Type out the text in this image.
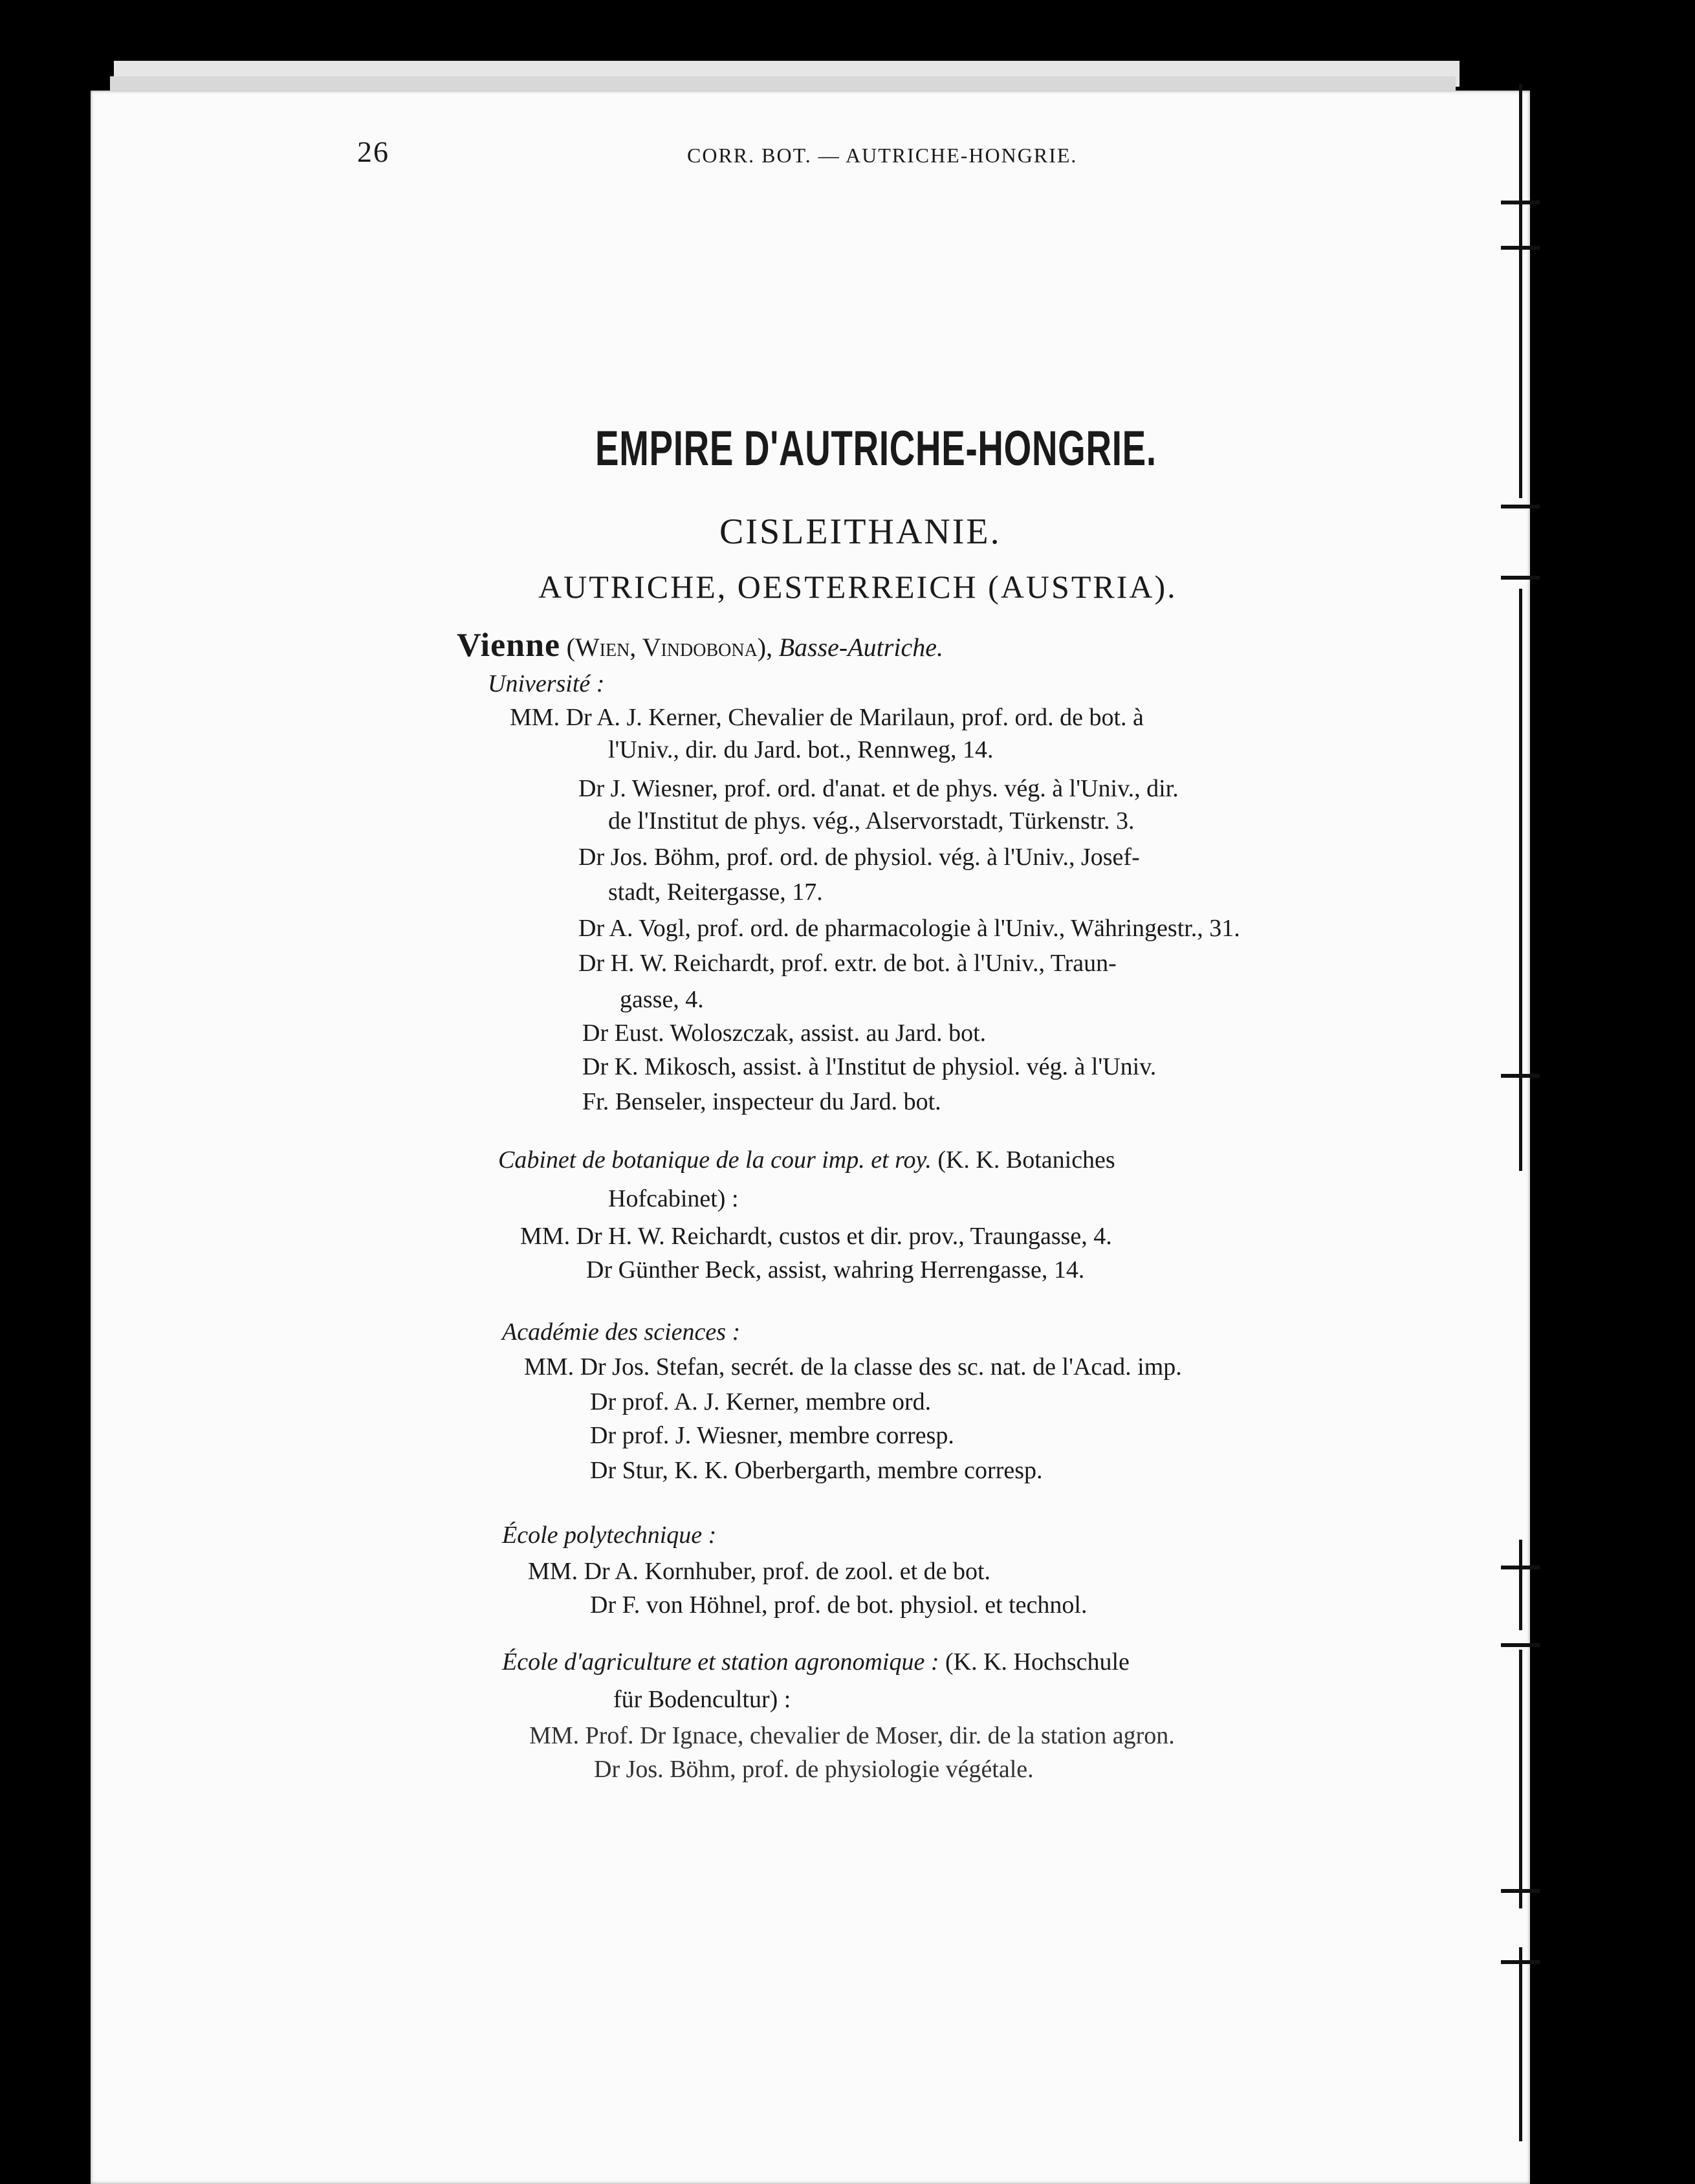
26	CORR. BOT. — AUTRICHE-HONGRIE.
EMPIRE D'AUTRICHE-HONGRIE.
CISLEITHANIE.
AUTRICHE, OESTERREICH (AUSTRIA).
Vienne (Wien, Vindobona), Basse-Autriche.
Université :
MM. Dr A. J. Kerner, Chevalier de Marilaun, prof. ord. de bot. à
l'Univ., dir. du Jard. bot., Rennweg, 14.
Dr J. Wiesner, prof. ord. d'anat. et de phys. vég. à l'Univ., dir.
de l'Institut de phys. vég., Alservorstadt, Türkenstr. 3.
Dr Jos. Böhm, prof. ord. de physiol. vég. à l'Univ., Josef-
stadt, Reitergasse, 17.
Dr A. Vogl, prof. ord. de pharmacologie à l'Univ., Währingestr., 31.
Dr H. W. Reichardt, prof. extr. de bot. à l'Univ., Traun-
gasse, 4.
Dr Eust. Woloszczak, assist. au Jard. bot.
Dr K. Mikosch, assist. à l'Institut de physiol. vég. à l'Univ.
Fr. Benseler, inspecteur du Jard. bot.
Cabinet de botanique de la cour imp. et roy. (K. K. Botaniches
Hofcabinet) :
MM. Dr H. W. Reichardt, custos et dir. prov., Traungasse, 4.
Dr Günther Beck, assist, wahring Herrengasse, 14.
Académie des sciences :
MM. Dr Jos. Stefan, secrét. de la classe des sc. nat. de l'Acad. imp.
Dr prof. A. J. Kerner, membre ord.
Dr prof. J. Wiesner, membre corresp.
Dr Stur, K. K. Oberbergarth, membre corresp.
École polytechnique :
MM. Dr A. Kornhuber, prof. de zool. et de bot.
Dr F. von Höhnel, prof. de bot. physiol. et technol.
École d'agriculture et station agronomique : (K. K. Hochschule
für Bodencultur) :
MM. Prof. Dr Ignace, chevalier de Moser, dir. de la station agron.
Dr Jos. Böhm, prof. de physiologie végétale.
